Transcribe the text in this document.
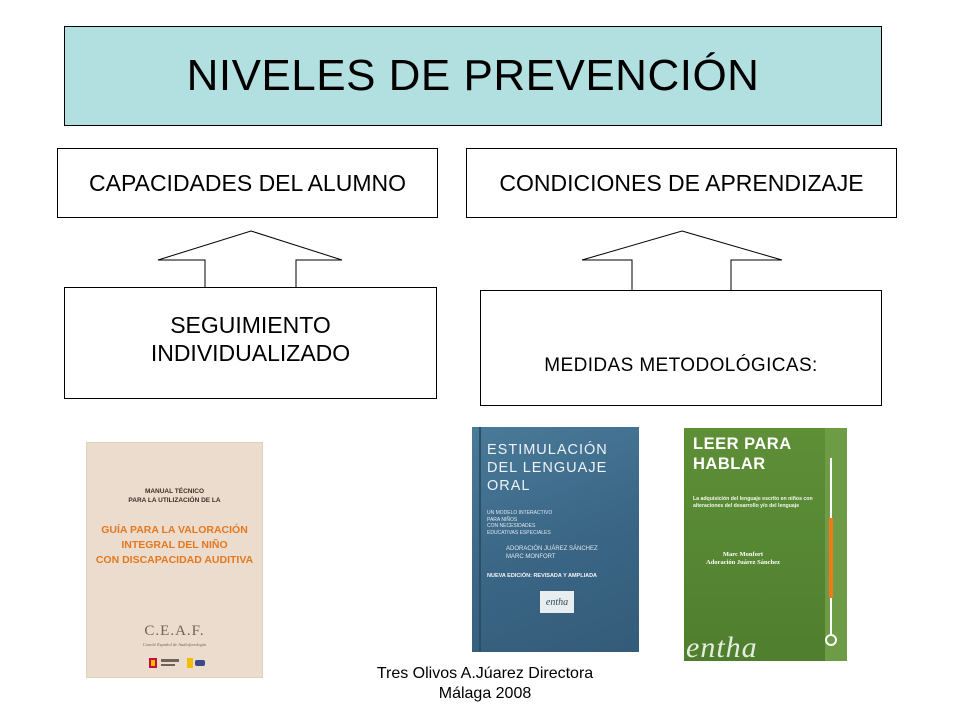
NIVELES DE PREVENCIÓN
CAPACIDADES DEL ALUMNO	CONDICIONES DE APRENDIZAJE
SEGUIMIENTO
INDIVIDUALIZADO	MEDIDAS METODOLÓGICAS:
MANUAL TÉCNICO
PARA LA UTILIZACIÓN DE LA
GUÍA PARA LA VALORACIÓN
INTEGRAL DEL NIÑO
CON DISCAPACIDAD AUDITIVA
C.E.A.F.
Comité Español de Audiofonología
ESTIMULACIÓN
DEL LENGUAJE
ORAL
UN MODELO INTERACTIVO
PARA NIÑOS
CON NECESIDADES
EDUCATIVAS ESPECIALES
ADORACIÓN JUÁREZ SÁNCHEZ
MARC MONFORT
NUEVA EDICIÓN: REVISADA Y AMPLIADA
entha
LEER PARA
HABLAR
La adquisición del lenguaje escrito en niños con alteraciones del desarrollo y/o del lenguaje
Marc Monfort
Adoración Juárez Sánchez
entha
Tres Olivos A.Júarez Directora
Málaga 2008
